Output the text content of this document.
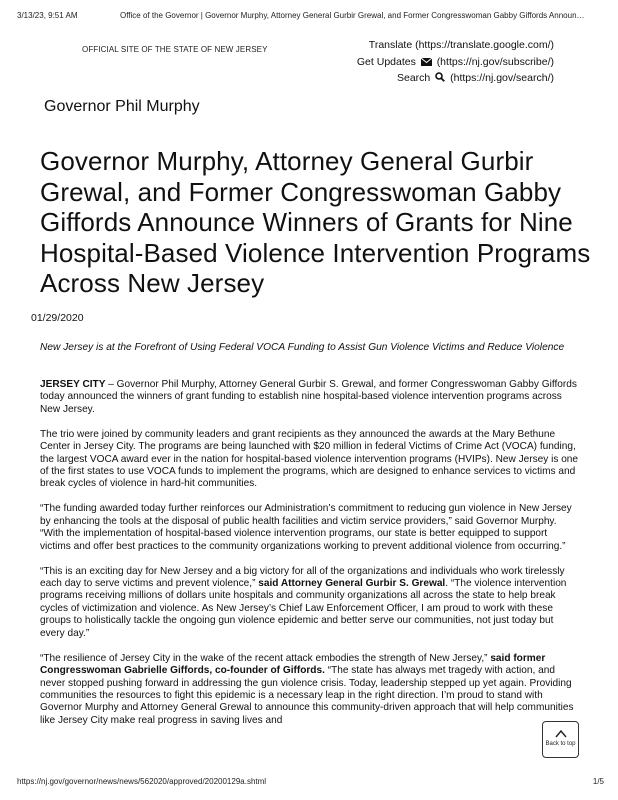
3/13/23, 9:51 AM	Office of the Governor | Governor Murphy, Attorney General Gurbir Grewal, and Former Congresswoman Gabby Giffords Announ…
OFFICIAL SITE OF THE STATE OF NEW JERSEY	Translate (https://translate.google.com/)
Get Updates (https://nj.gov/subscribe/)
Search (https://nj.gov/search/)
Governor Phil Murphy
Governor Murphy, Attorney General Gurbir Grewal, and Former Congresswoman Gabby Giffords Announce Winners of Grants for Nine Hospital-Based Violence Intervention Programs Across New Jersey
01/29/2020
New Jersey is at the Forefront of Using Federal VOCA Funding to Assist Gun Violence Victims and Reduce Violence

JERSEY CITY – Governor Phil Murphy, Attorney General Gurbir S. Grewal, and former Congresswoman Gabby Giffords today announced the winners of grant funding to establish nine hospital-based violence intervention programs across New Jersey.

The trio were joined by community leaders and grant recipients as they announced the awards at the Mary Bethune Center in Jersey City. The programs are being launched with $20 million in federal Victims of Crime Act (VOCA) funding, the largest VOCA award ever in the nation for hospital-based violence intervention programs (HVIPs). New Jersey is one of the first states to use VOCA funds to implement the programs, which are designed to enhance services to victims and break cycles of violence in hard-hit communities.

“The funding awarded today further reinforces our Administration’s commitment to reducing gun violence in New Jersey by enhancing the tools at the disposal of public health facilities and victim service providers,” said Governor Murphy. “With the implementation of hospital-based violence intervention programs, our state is better equipped to support victims and offer best practices to the community organizations working to prevent additional violence from occurring.”

“This is an exciting day for New Jersey and a big victory for all of the organizations and individuals who work tirelessly each day to serve victims and prevent violence,” said Attorney General Gurbir S. Grewal. “The violence intervention programs receiving millions of dollars unite hospitals and community organizations all across the state to help break cycles of victimization and violence. As New Jersey’s Chief Law Enforcement Officer, I am proud to work with these groups to holistically tackle the ongoing gun violence epidemic and better serve our communities, not just today but every day.”

“The resilience of Jersey City in the wake of the recent attack embodies the strength of New Jersey,” said former Congresswoman Gabrielle Giffords, co-founder of Giffords. “The state has always met tragedy with action, and never stopped pushing forward in addressing the gun violence crisis. Today, leadership stepped up yet again. Providing communities the resources to fight this epidemic is a necessary leap in the right direction. I’m proud to stand with Governor Murphy and Attorney General Grewal to announce this community-driven approach that will help communities like Jersey City make real progress in saving lives and

Back to top
https://nj.gov/governor/news/news/562020/approved/20200129a.shtml	1/5
